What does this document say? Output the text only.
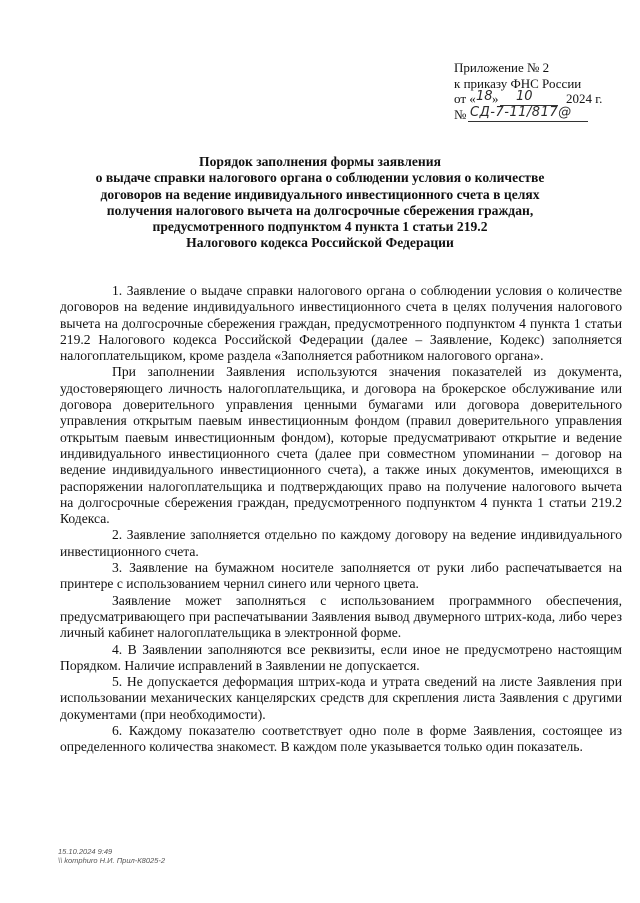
Приложение № 2
к приказу ФНС России
от « 18 » 10	2024 г.
№ СД-7-11/817@
Порядок заполнения формы заявления
о выдаче справки налогового органа о соблюдении условия о количестве
договоров на ведение индивидуального инвестиционного счета в целях
получения налогового вычета на долгосрочные сбережения граждан,
предусмотренного подпунктом 4 пункта 1 статьи 219.2
Налогового кодекса Российской Федерации

1. Заявление о выдаче справки налогового органа о соблюдении условия о количестве договоров на ведение индивидуального инвестиционного счета в целях получения налогового вычета на долгосрочные сбережения граждан, предусмотренного подпунктом 4 пункта 1 статьи 219.2 Налогового кодекса Российской Федерации (далее – Заявление, Кодекс) заполняется налогоплательщиком, кроме раздела «Заполняется работником налогового органа».

При заполнении Заявления используются значения показателей из документа, удостоверяющего личность налогоплательщика, и договора на брокерское обслуживание или договора доверительного управления ценными бумагами или договора доверительного управления открытым паевым инвестиционным фондом (правил доверительного управления открытым паевым инвестиционным фондом), которые предусматривают открытие и ведение индивидуального инвестиционного счета (далее при совместном упоминании – договор на ведение индивидуального инвестиционного счета), а также иных документов, имеющихся в распоряжении налогоплательщика и подтверждающих право на получение налогового вычета на долгосрочные сбережения граждан, предусмотренного подпунктом 4 пункта 1 статьи 219.2 Кодекса.

2. Заявление заполняется отдельно по каждому договору на ведение индивидуального инвестиционного счета.

3. Заявление на бумажном носителе заполняется от руки либо распечатывается на принтере с использованием чернил синего или черного цвета.

Заявление может заполняться с использованием программного обеспечения, предусматривающего при распечатывании Заявления вывод двумерного штрих-кода, либо через личный кабинет налогоплательщика в электронной форме.

4. В Заявлении заполняются все реквизиты, если иное не предусмотрено настоящим Порядком. Наличие исправлений в Заявлении не допускается.

5. Не допускается деформация штрих-кода и утрата сведений на листе Заявления при использовании механических канцелярских средств для скрепления листа Заявления с другими документами (при необходимости).

6. Каждому показателю соответствует одно поле в форме Заявления, состоящее из определенного количества знакомест. В каждом поле указывается только один показатель.

15.10.2024 9:49
\\ komphuro Н.И. Прил-К8025-2
